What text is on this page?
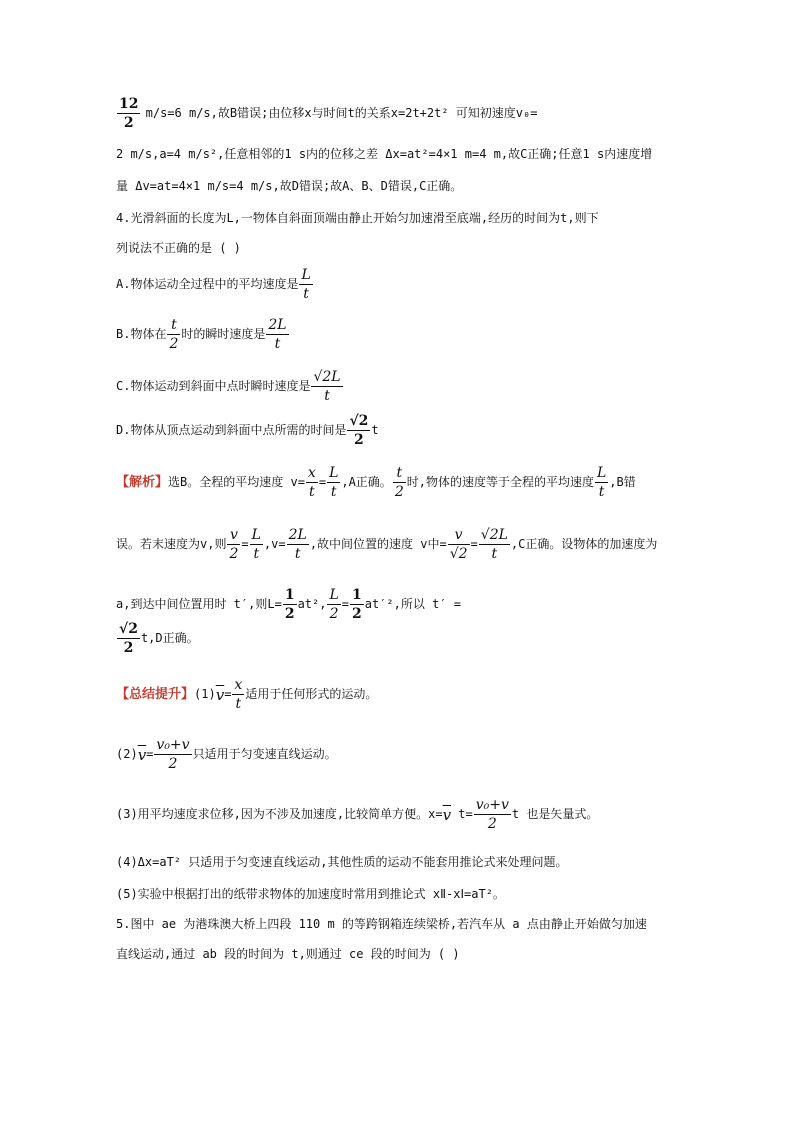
$\frac{12}{2} m/s=6$ m/s,故B错误;由位移x与时间t的关系x=2t+2t² 可知初速度v₀=
2 m/s,a=4 m/s²,任意相邻的1 s内的位移之差 Δx=at²=4×1 m=4 m,故C正确;任意1 s内速度增
量 Δv=at=4×1 m/s=4 m/s,故D错误;故A、B、D错误,C正确。
4.光滑斜面的长度为L,一物体自斜面顶端由静止开始匀加速滑至底端,经历的时间为t,则下
列说法不正确的是 ( )
A.物体运动全过程中的平均速度是 $\frac{L}{t}$
B.物体在 $\frac{t}{2}$ 时的瞬时速度是 $\frac{2L}{t}$
C.物体运动到斜面中点时瞬时速度是 $\frac{√2L}{t}$
D.物体从顶点运动到斜面中点所需的时间是 $\frac{√2}{2}$ t
【解析】选B。全程的平均速度 $v= \frac{x}{t} = \frac{L}{t} ,A$正确。 $\frac{t}{2}$ 时,物体的速度等于全程的平均速度 $\frac{L}{t} ,B$错
误。若末速度为v,则 $\frac{v}{2} = \frac{L}{t} ,v= \frac{2L}{t}$ ,故中间位置的速度 v中= $\frac{v}{√2} = \frac{√2L}{t} ,C$正确。设物体的加速度为
a,到达中间位置用时 t′,则$L= \frac{1}{2} at^2$, $\frac{L}{2} = \frac{1}{2} at'^2$,所以 t′ =
$\frac{√2}{2} t,D$正确。
【总结提升】$(1)\overline{v}= \frac{x}{t}$ 适用于任何形式的运动。
$(2)\overline{v}= \frac{\text{v₀+v}}{2}$ 只适用于匀变速直线运动。
(3)用平均速度求位移,因为不涉及加速度,比较简单方便。$x=\overline{v}$ $t= \frac{\text{v₀+v}}{2}$ t 也是矢量式。
(4)Δx=aT² 只适用于匀变速直线运动,其他性质的运动不能套用推论式来处理问题。
(5)实验中根据打出的纸带求物体的加速度时常用到推论式 xⅡ-xⅠ=aT²。
5.图中 ae 为港珠澳大桥上四段 110 m 的等跨钢箱连续梁桥,若汽车从 a 点由静止开始做匀加速
直线运动,通过 ab 段的时间为 t,则通过 ce 段的时间为 ( )
